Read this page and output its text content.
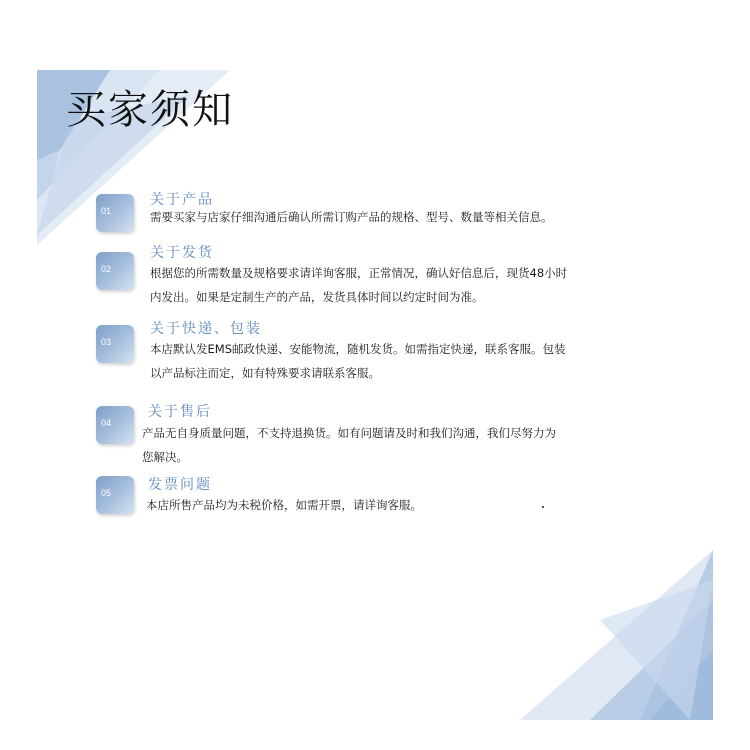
买家须知
01
关于产品
需要买家与店家仔细沟通后确认所需订购产品的规格、型号、数量等相关信息。
02
关于发货
根据您的所需数量及规格要求请详询客服，正常情况，确认好信息后，现货48小时
内发出。如果是定制生产的产品，发货具体时间以约定时间为准。
03
关于快递、包装
本店默认发EMS邮政快递、安能物流，随机发货。如需指定快递，联系客服。包装
以产品标注而定，如有特殊要求请联系客服。
04
关于售后
产品无自身质量问题，不支持退换货。如有问题请及时和我们沟通，我们尽努力为
您解决。
05	发票问题
本店所售产品均为未税价格，如需开票，请详询客服。
